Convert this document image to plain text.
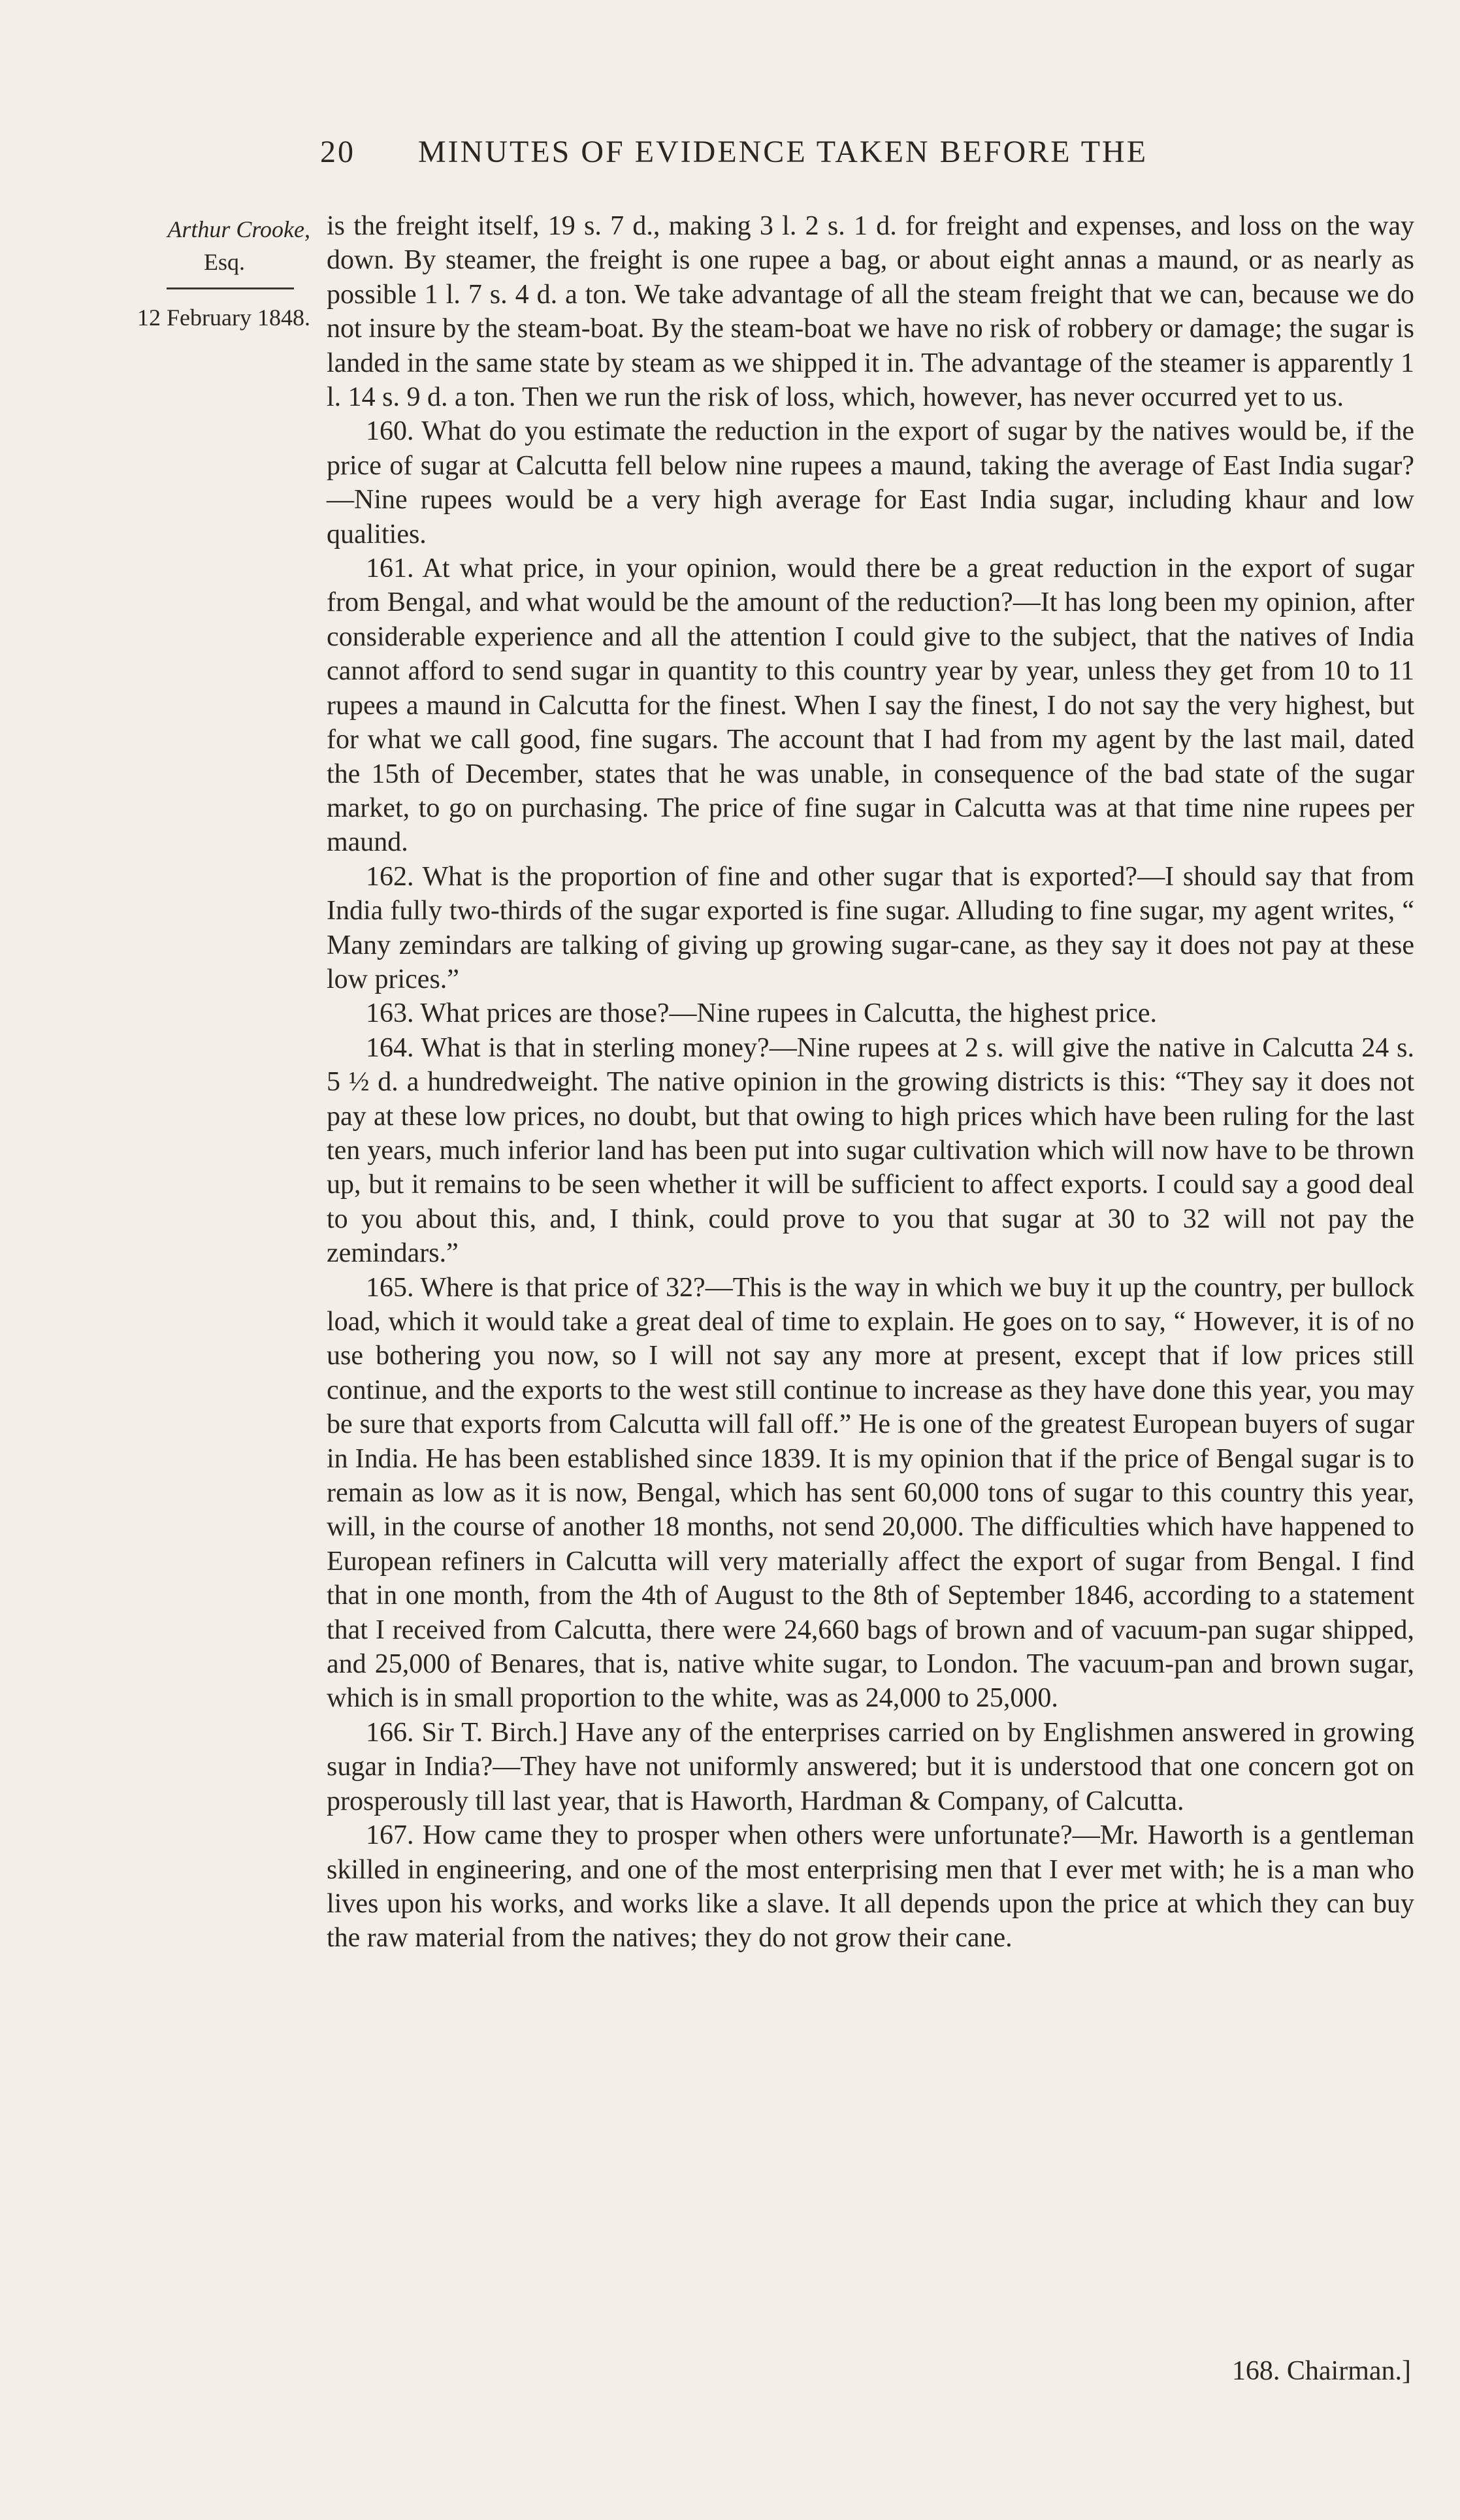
20 MINUTES OF EVIDENCE TAKEN BEFORE THE
Arthur Crooke,
Esq.
12 February 1848.

is the freight itself, 19 s. 7 d., making 3 l. 2 s. 1 d. for freight and expenses, and loss on the way down. By steamer, the freight is one rupee a bag, or about eight annas a maund, or as nearly as possible 1 l. 7 s. 4 d. a ton. We take advantage of all the steam freight that we can, because we do not insure by the steam-boat. By the steam-boat we have no risk of robbery or damage; the sugar is landed in the same state by steam as we shipped it in. The advantage of the steamer is apparently 1 l. 14 s. 9 d. a ton. Then we run the risk of loss, which, however, has never occurred yet to us.

160. What do you estimate the reduction in the export of sugar by the natives would be, if the price of sugar at Calcutta fell below nine rupees a maund, taking the average of East India sugar?—Nine rupees would be a very high average for East India sugar, including khaur and low qualities.

161. At what price, in your opinion, would there be a great reduction in the export of sugar from Bengal, and what would be the amount of the reduction?—It has long been my opinion, after considerable experience and all the attention I could give to the subject, that the natives of India cannot afford to send sugar in quantity to this country year by year, unless they get from 10 to 11 rupees a maund in Calcutta for the finest. When I say the finest, I do not say the very highest, but for what we call good, fine sugars. The account that I had from my agent by the last mail, dated the 15th of December, states that he was unable, in consequence of the bad state of the sugar market, to go on purchasing. The price of fine sugar in Calcutta was at that time nine rupees per maund.

162. What is the proportion of fine and other sugar that is exported?—I should say that from India fully two-thirds of the sugar exported is fine sugar. Alluding to fine sugar, my agent writes, “ Many zemindars are talking of giving up growing sugar-cane, as they say it does not pay at these low prices.”

163. What prices are those?—Nine rupees in Calcutta, the highest price.

164. What is that in sterling money?—Nine rupees at 2 s. will give the native in Calcutta 24 s. 5 ½ d. a hundredweight. The native opinion in the growing districts is this: “They say it does not pay at these low prices, no doubt, but that owing to high prices which have been ruling for the last ten years, much inferior land has been put into sugar cultivation which will now have to be thrown up, but it remains to be seen whether it will be sufficient to affect exports. I could say a good deal to you about this, and, I think, could prove to you that sugar at 30 to 32 will not pay the zemindars.”

165. Where is that price of 32?—This is the way in which we buy it up the country, per bullock load, which it would take a great deal of time to explain. He goes on to say, “ However, it is of no use bothering you now, so I will not say any more at present, except that if low prices still continue, and the exports to the west still continue to increase as they have done this year, you may be sure that exports from Calcutta will fall off.” He is one of the greatest European buyers of sugar in India. He has been established since 1839. It is my opinion that if the price of Bengal sugar is to remain as low as it is now, Bengal, which has sent 60,000 tons of sugar to this country this year, will, in the course of another 18 months, not send 20,000. The difficulties which have happened to European refiners in Calcutta will very materially affect the export of sugar from Bengal. I find that in one month, from the 4th of August to the 8th of September 1846, according to a statement that I received from Calcutta, there were 24,660 bags of brown and of vacuum-pan sugar shipped, and 25,000 of Benares, that is, native white sugar, to London. The vacuum-pan and brown sugar, which is in small proportion to the white, was as 24,000 to 25,000.

166. Sir T. Birch.] Have any of the enterprises carried on by Englishmen answered in growing sugar in India?—They have not uniformly answered; but it is understood that one concern got on prosperously till last year, that is Haworth, Hardman & Company, of Calcutta.

167. How came they to prosper when others were unfortunate?—Mr. Haworth is a gentleman skilled in engineering, and one of the most enterprising men that I ever met with; he is a man who lives upon his works, and works like a slave. It all depends upon the price at which they can buy the raw material from the natives; they do not grow their cane.

168. Chairman.]
